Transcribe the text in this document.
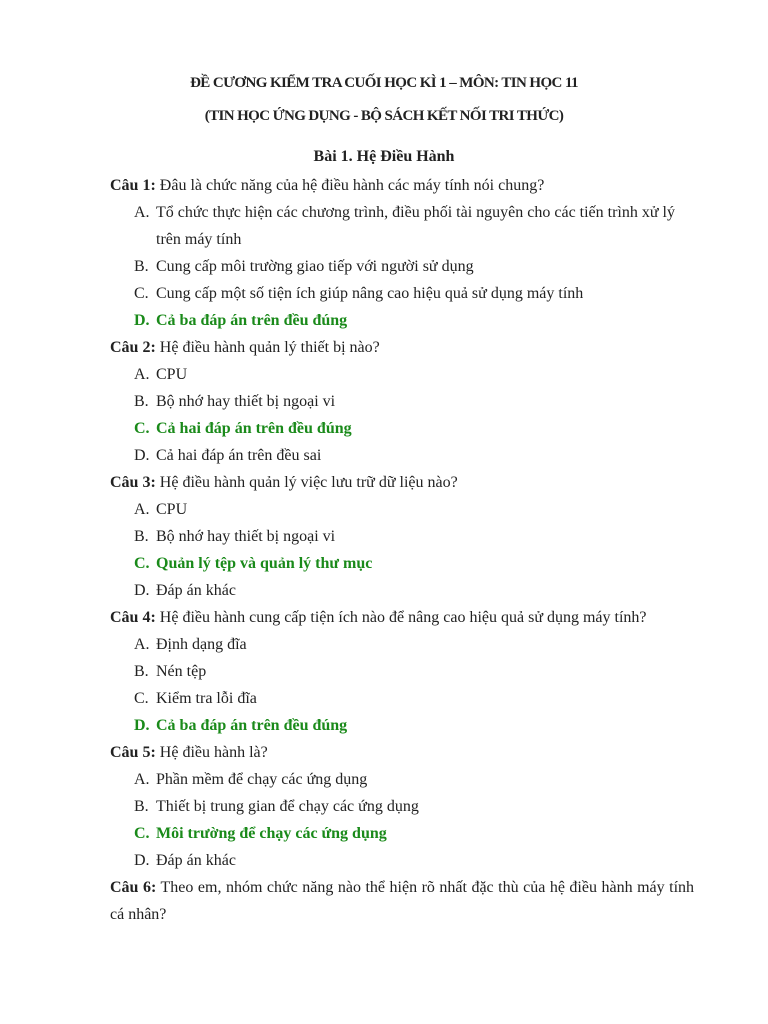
ĐỀ CƯƠNG KIỂM TRA CUỐI HỌC KÌ 1 – MÔN: TIN HỌC 11
(TIN HỌC ỨNG DỤNG - BỘ SÁCH KẾT NỐI TRI THỨC)
Bài 1. Hệ Điều Hành

Câu 1: Đâu là chức năng của hệ điều hành các máy tính nói chung?

A. Tổ chức thực hiện các chương trình, điều phối tài nguyên cho các tiến trình xử lý trên máy tính
B. Cung cấp môi trường giao tiếp với người sử dụng
C. Cung cấp một số tiện ích giúp nâng cao hiệu quả sử dụng máy tính
D. Cả ba đáp án trên đều đúng

Câu 2: Hệ điều hành quản lý thiết bị nào?

A. CPU
B. Bộ nhớ hay thiết bị ngoại vi
C. Cả hai đáp án trên đều đúng
D. Cả hai đáp án trên đều sai

Câu 3: Hệ điều hành quản lý việc lưu trữ dữ liệu nào?

A. CPU
B. Bộ nhớ hay thiết bị ngoại vi
C. Quản lý tệp và quản lý thư mục
D. Đáp án khác

Câu 4: Hệ điều hành cung cấp tiện ích nào để nâng cao hiệu quả sử dụng máy tính?

A. Định dạng đĩa
B. Nén tệp
C. Kiểm tra lỗi đĩa
D. Cả ba đáp án trên đều đúng

Câu 5: Hệ điều hành là?

A. Phần mềm để chạy các ứng dụng
B. Thiết bị trung gian để chạy các ứng dụng
C. Môi trường để chạy các ứng dụng
D. Đáp án khác

Câu 6: Theo em, nhóm chức năng nào thể hiện rõ nhất đặc thù của hệ điều hành máy tính cá nhân?
